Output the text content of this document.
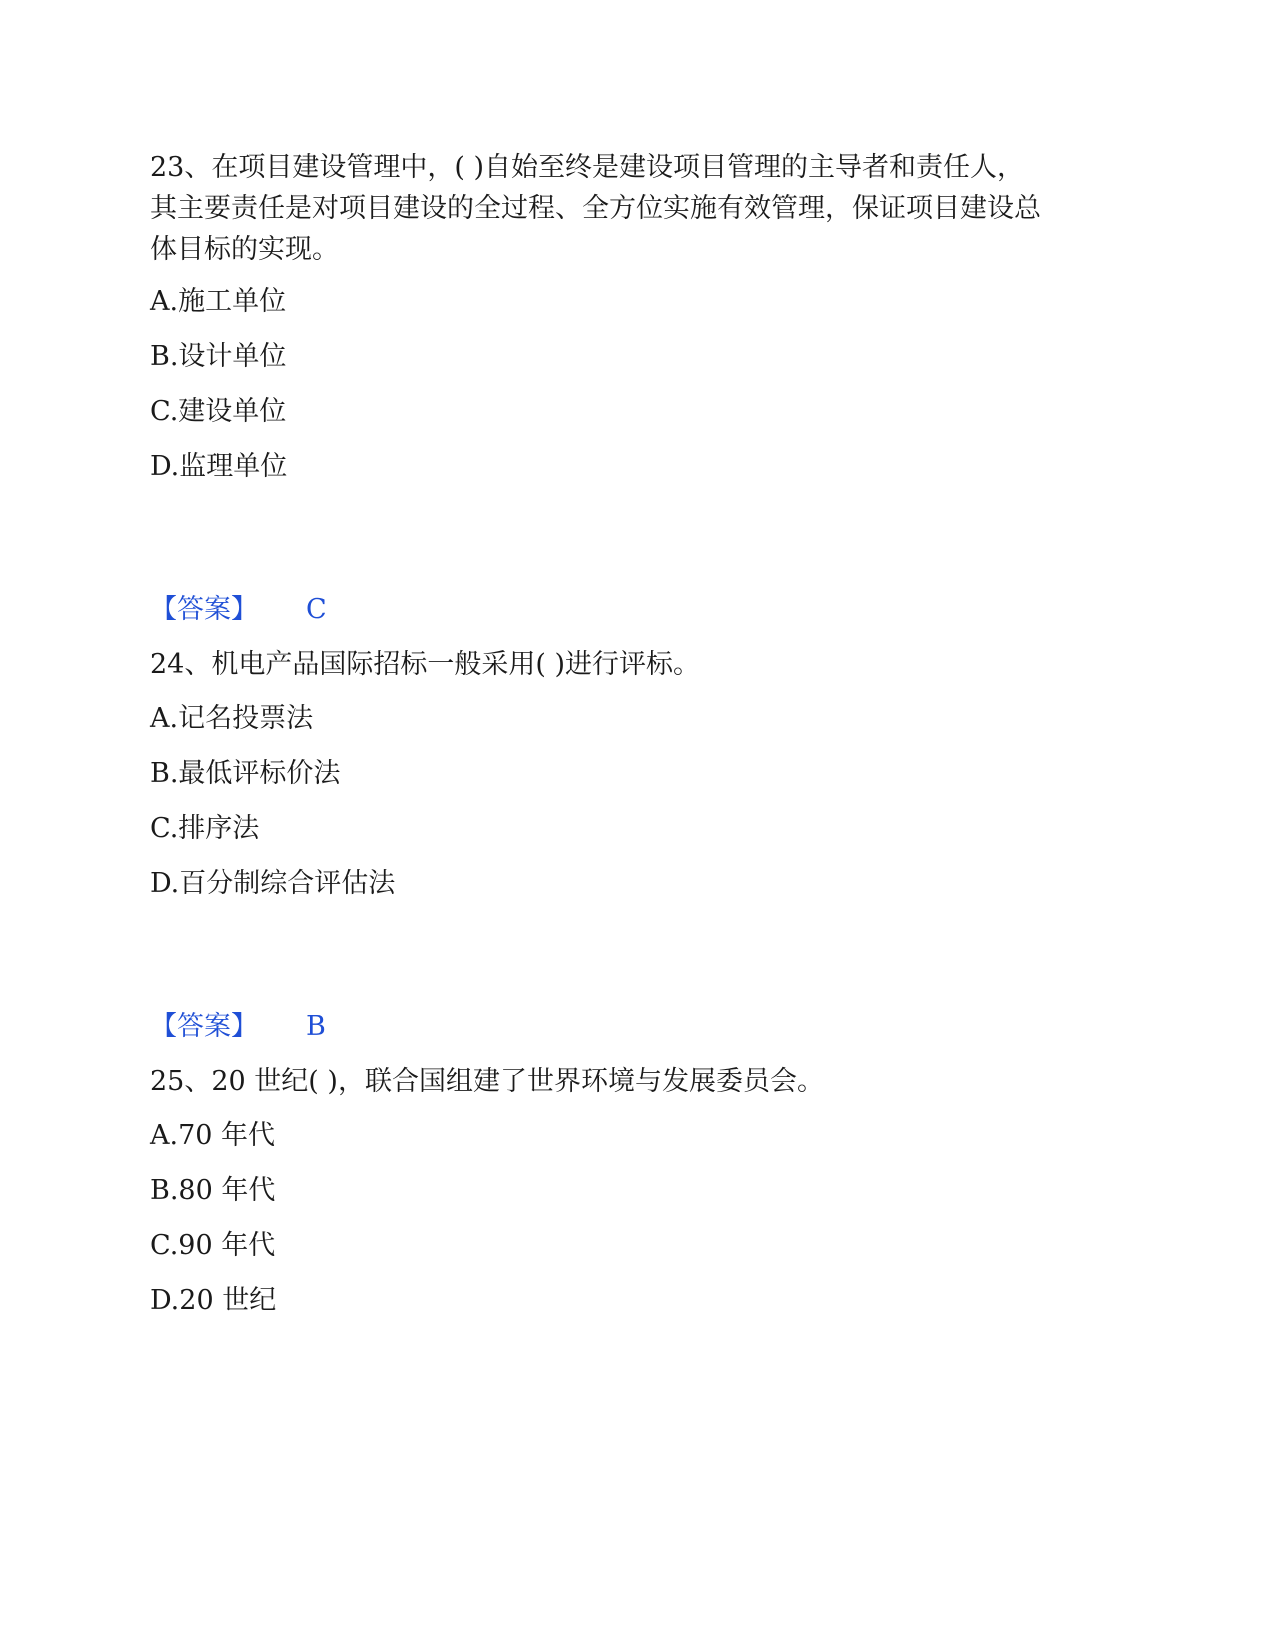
23、在项目建设管理中，( )自始至终是建设项目管理的主导者和责任人，
其主要责任是对项目建设的全过程、全方位实施有效管理，保证项目建设总
体目标的实现。
A.施工单位
B.设计单位
C.建设单位
D.监理单位
【答案】 C
24、机电产品国际招标一般采用( )进行评标。
A.记名投票法
B.最低评标价法
C.排序法
D.百分制综合评估法
【答案】 B
25、20 世纪( )，联合国组建了世界环境与发展委员会。
A.70 年代
B.80 年代
C.90 年代
D.20 世纪
